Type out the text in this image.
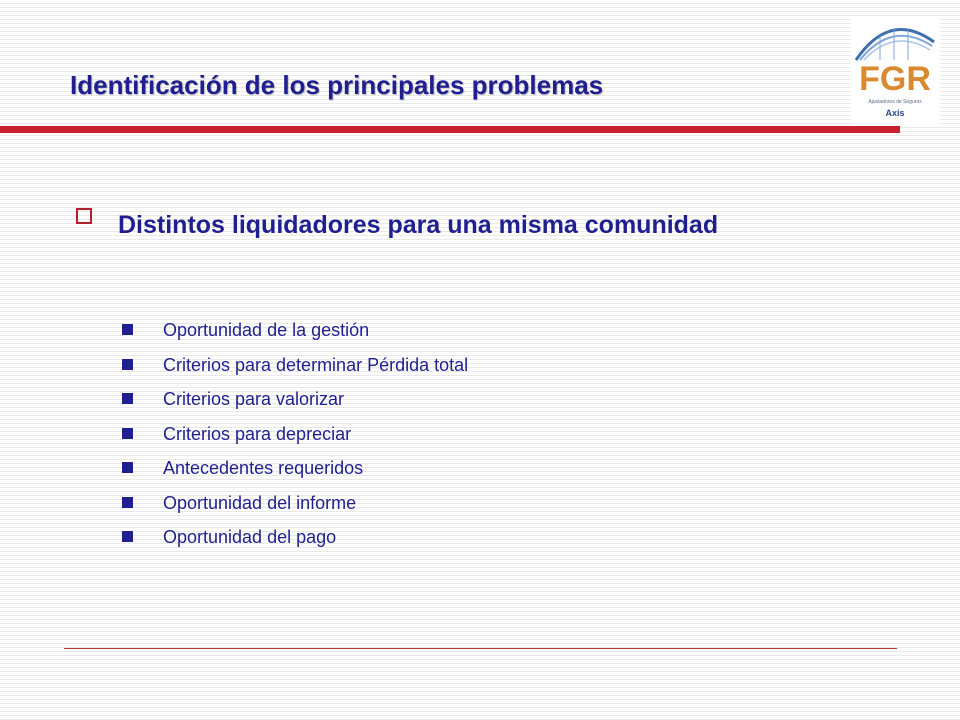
Identificación de los principales problemas	FGR
Ajustadores de Seguros
Axis
Distintos liquidadores para una misma comunidad
Oportunidad de la gestión
Criterios para determinar Pérdida total
Criterios para valorizar
Criterios para depreciar
Antecedentes requeridos
Oportunidad del informe
Oportunidad del pago
